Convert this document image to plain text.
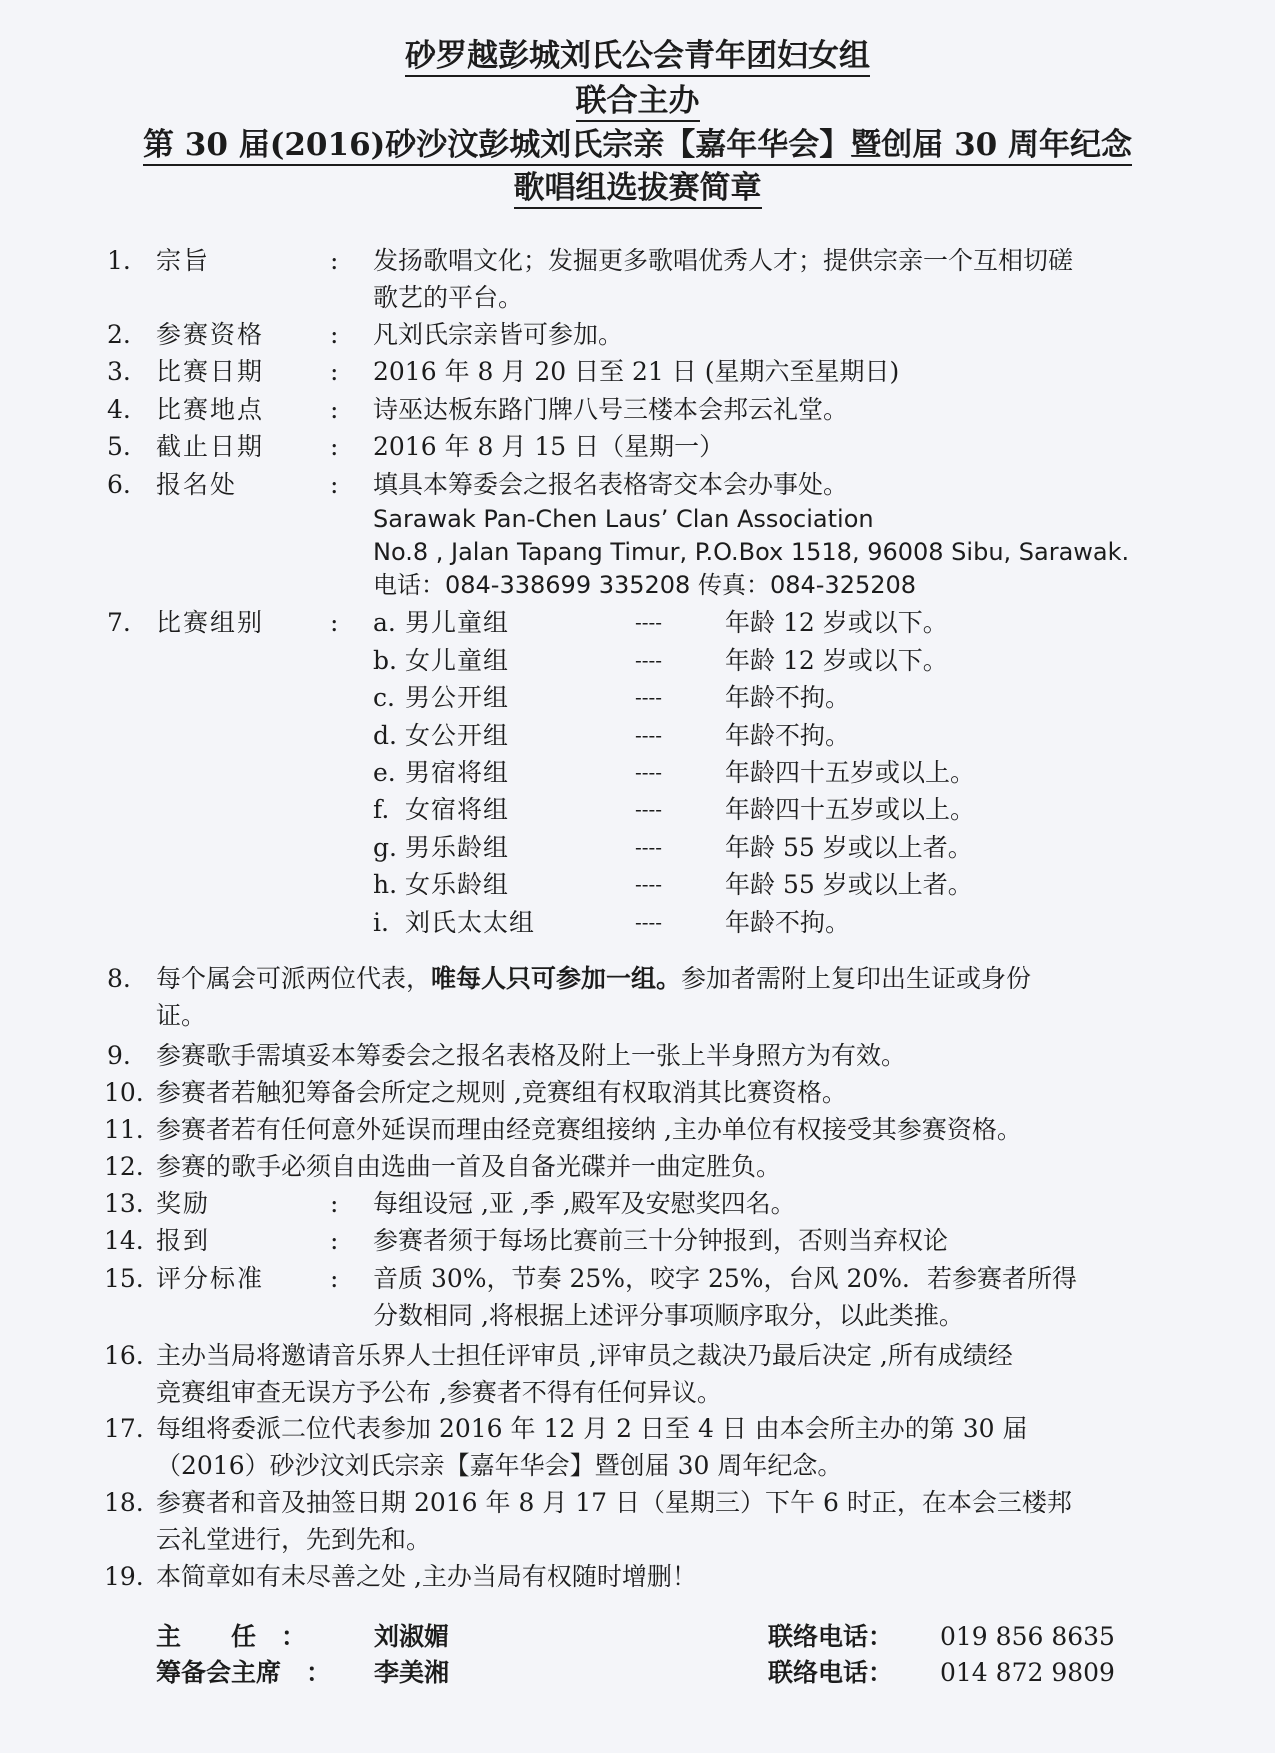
砂罗越彭城刘氏公会青年团妇女组
联合主办
第 30 届(2016)砂沙汶彭城刘氏宗亲【嘉年华会】暨创届 30 周年纪念
歌唱组选拔赛简章
1. 宗旨	: 发扬歌唱文化；发掘更多歌唱优秀人才；提供宗亲一个互相切磋
歌艺的平台。
2. 参赛资格	: 凡刘氏宗亲皆可参加。
3. 比赛日期	: 2016 年 8 月 20 日至 21 日 (星期六至星期日)
4. 比赛地点	: 诗巫达板东路门牌八号三楼本会邦云礼堂。
5. 截止日期	: 2016 年 8 月 15 日（星期一）
6. 报名处	: 填具本筹委会之报名表格寄交本会办事处。
Sarawak Pan-Chen Laus’ Clan Association
No.8 , Jalan Tapang Timur, P.O.Box 1518, 96008 Sibu, Sarawak.
电话：084-338699 335208 传真：084-325208
7. 比赛组别	: a. 男儿童组	----	年龄 12 岁或以下。
b. 女儿童组	----	年龄 12 岁或以下。
c. 男公开组	----	年龄不拘。
d. 女公开组	----	年龄不拘。
e. 男宿将组	----	年龄四十五岁或以上。
f. 女宿将组	----	年龄四十五岁或以上。
g. 男乐龄组	----	年龄 55 岁或以上者。
h. 女乐龄组	----	年龄 55 岁或以上者。
i. 刘氏太太组	----	年龄不拘。
8. 每个属会可派两位代表，唯每人只可参加一组。参加者需附上复印出生证或身份
证。
9. 参赛歌手需填妥本筹委会之报名表格及附上一张上半身照方为有效。
10. 参赛者若触犯筹备会所定之规则 ,竞赛组有权取消其比赛资格。
11. 参赛者若有任何意外延误而理由经竞赛组接纳 ,主办单位有权接受其参赛资格。
12. 参赛的歌手必须自由选曲一首及自备光碟并一曲定胜负。
13. 奖励	: 每组设冠 ,亚 ,季 ,殿军及安慰奖四名。
14. 报到	: 参赛者须于每场比赛前三十分钟报到，否则当弃权论
15. 评分标准	: 音质 30%，节奏 25%，咬字 25%，台风 20%．若参赛者所得
分数相同 ,将根据上述评分事项顺序取分，以此类推。
16. 主办当局将邀请音乐界人士担任评审员 ,评审员之裁决乃最后决定 ,所有成绩经
竞赛组审查无误方予公布 ,参赛者不得有任何异议。
17. 每组将委派二位代表参加 2016 年 12 月 2 日至 4 日 由本会所主办的第 30 届
（2016）砂沙汶刘氏宗亲【嘉年华会】暨创届 30 周年纪念。
18. 参赛者和音及抽签日期 2016 年 8 月 17 日（星期三）下午 6 时正，在本会三楼邦
云礼堂进行，先到先和。
19. 本简章如有未尽善之处 ,主办当局有权随时增删！
主　　任　：	刘淑媚	联络电话： 019 856 8635
筹备会主席　： 李美湘	联络电话： 014 872 9809
